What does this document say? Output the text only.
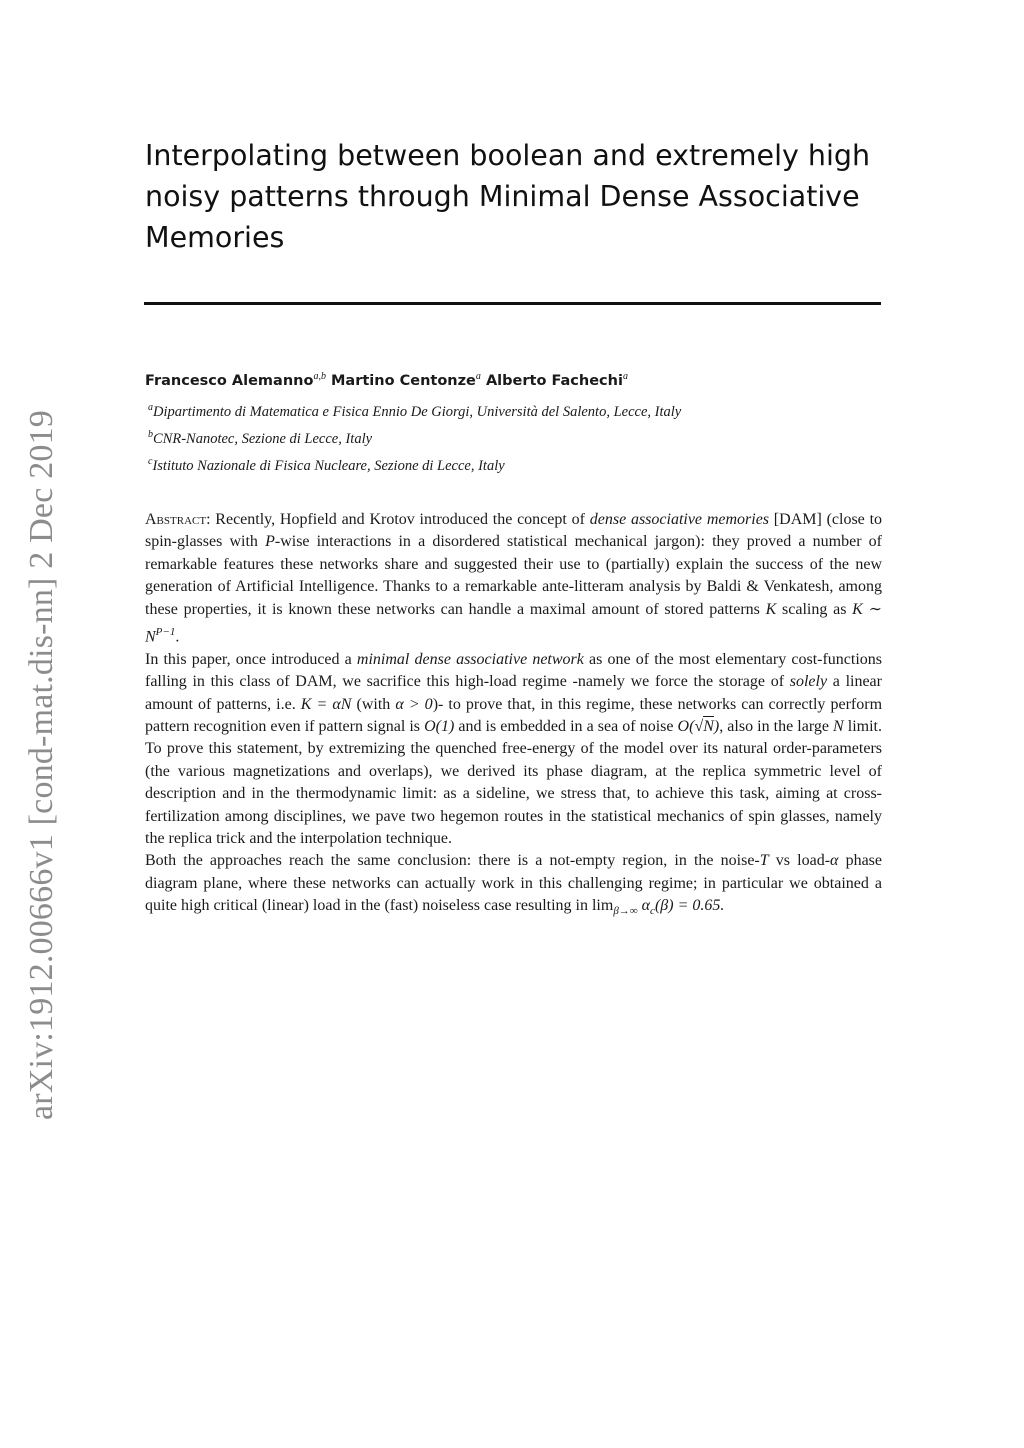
arXiv:1912.00666v1 [cond-mat.dis-nn] 2 Dec 2019
Interpolating between boolean and extremely high noisy patterns through Minimal Dense Associative Memories
Francesco Alemanno$^{a,b}$ Martino Centonze$^a$ Alberto Fachechi$^a$
$^a$Dipartimento di Matematica e Fisica Ennio De Giorgi, Università del Salento, Lecce, Italy
$^b$CNR-Nanotec, Sezione di Lecce, Italy
$^c$Istituto Nazionale di Fisica Nucleare, Sezione di Lecce, Italy

Abstract: Recently, Hopfield and Krotov introduced the concept of dense associative memories [DAM] (close to spin-glasses with P-wise interactions in a disordered statistical mechanical jargon): they proved a number of remarkable features these networks share and suggested their use to (partially) explain the success of the new generation of Artificial Intelligence. Thanks to a remarkable ante-litteram analysis by Baldi & Venkatesh, among these properties, it is known these networks can handle a maximal amount of stored patterns K scaling as K ∼ $N^{P-1}$.

In this paper, once introduced a minimal dense associative network as one of the most elementary cost-functions falling in this class of DAM, we sacrifice this high-load regime -namely we force the storage of solely a linear amount of patterns, i.e. K = αN (with α > 0)- to prove that, in this regime, these networks can correctly perform pattern recognition even if pattern signal is O(1) and is embedded in a sea of noise O(√N), also in the large N limit. To prove this statement, by extremizing the quenched free-energy of the model over its natural order-parameters (the various magnetizations and overlaps), we derived its phase diagram, at the replica symmetric level of description and in the thermodynamic limit: as a sideline, we stress that, to achieve this task, aiming at cross-fertilization among disciplines, we pave two hegemon routes in the statistical mechanics of spin glasses, namely the replica trick and the interpolation technique.

Both the approaches reach the same conclusion: there is a not-empty region, in the noise-T vs load-α phase diagram plane, where these networks can actually work in this challenging regime; in particular we obtained a quite high critical (linear) load in the (fast) noiseless case resulting in $\lim_{\beta\to\infty} \alpha_c(\beta) = 0.65$.
